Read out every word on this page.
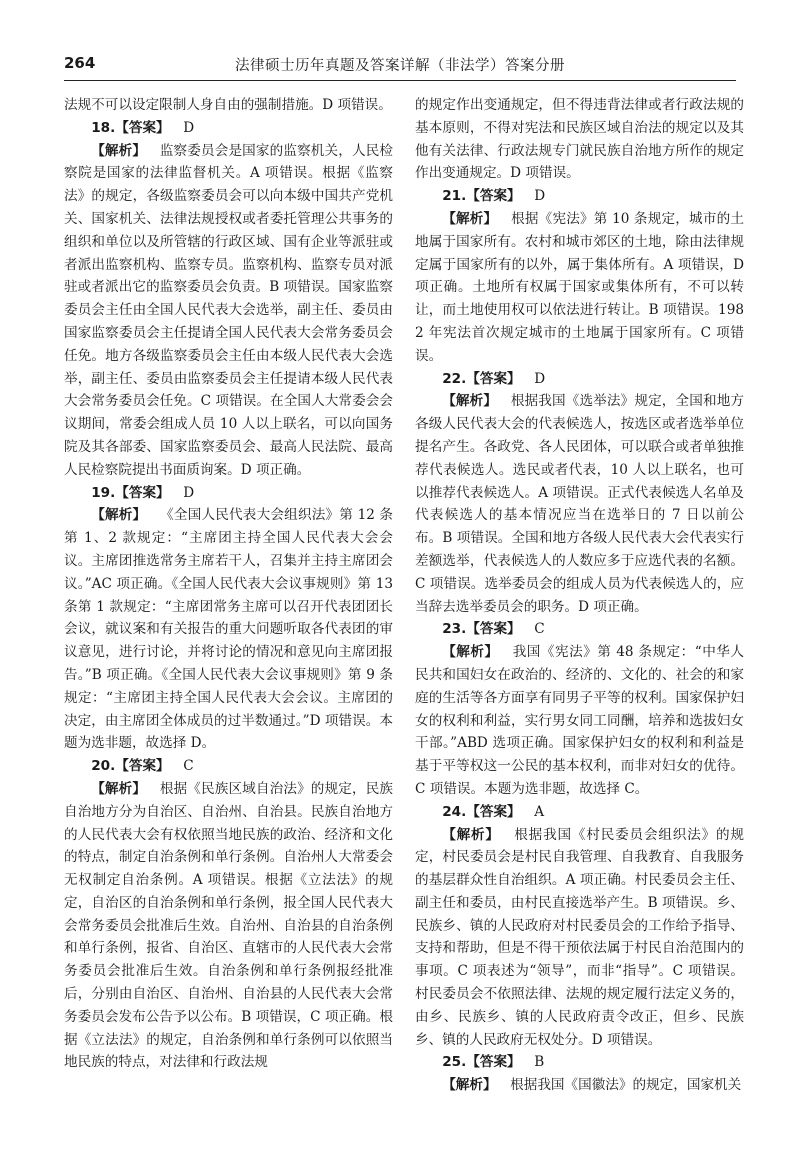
264	法律硕士历年真题及答案详解（非法学）答案分册

法规不可以设定限制人身自由的强制措施。D 项错误。

18.【答案】  D

【解析】  监察委员会是国家的监察机关，人民检察院是国家的法律监督机关。A 项错误。根据《监察法》的规定，各级监察委员会可以向本级中国共产党机关、国家机关、法律法规授权或者委托管理公共事务的组织和单位以及所管辖的行政区域、国有企业等派驻或者派出监察机构、监察专员。监察机构、监察专员对派驻或者派出它的监察委员会负责。B 项错误。国家监察委员会主任由全国人民代表大会选举，副主任、委员由国家监察委员会主任提请全国人民代表大会常务委员会任免。地方各级监察委员会主任由本级人民代表大会选举，副主任、委员由监察委员会主任提请本级人民代表大会常务委员会任免。C 项错误。在全国人大常委会会议期间，常委会组成人员 10 人以上联名，可以向国务院及其各部委、国家监察委员会、最高人民法院、最高人民检察院提出书面质询案。D 项正确。

19.【答案】  D

【解析】  《全国人民代表大会组织法》第 12 条第 1、2 款规定：“主席团主持全国人民代表大会会议。主席团推选常务主席若干人，召集并主持主席团会议。”AC 项正确。《全国人民代表大会议事规则》第 13 条第 1 款规定：“主席团常务主席可以召开代表团团长会议，就议案和有关报告的重大问题听取各代表团的审议意见，进行讨论，并将讨论的情况和意见向主席团报告。”B 项正确。《全国人民代表大会议事规则》第 9 条规定：“主席团主持全国人民代表大会会议。主席团的决定，由主席团全体成员的过半数通过。”D 项错误。本题为选非题，故选择 D。

20.【答案】  C

【解析】  根据《民族区域自治法》的规定，民族自治地方分为自治区、自治州、自治县。民族自治地方的人民代表大会有权依照当地民族的政治、经济和文化的特点，制定自治条例和单行条例。自治州人大常委会无权制定自治条例。A 项错误。根据《立法法》的规定，自治区的自治条例和单行条例，报全国人民代表大会常务委员会批准后生效。自治州、自治县的自治条例和单行条例，报省、自治区、直辖市的人民代表大会常务委员会批准后生效。自治条例和单行条例报经批准后，分别由自治区、自治州、自治县的人民代表大会常务委员会发布公告予以公布。B 项错误，C 项正确。根据《立法法》的规定，自治条例和单行条例可以依照当地民族的特点，对法律和行政法规

的规定作出变通规定，但不得违背法律或者行政法规的基本原则，不得对宪法和民族区域自治法的规定以及其他有关法律、行政法规专门就民族自治地方所作的规定作出变通规定。D 项错误。

21.【答案】  D

【解析】  根据《宪法》第 10 条规定，城市的土地属于国家所有。农村和城市郊区的土地，除由法律规定属于国家所有的以外，属于集体所有。A 项错误，D 项正确。土地所有权属于国家或集体所有，不可以转让，而土地使用权可以依法进行转让。B 项错误。1982 年宪法首次规定城市的土地属于国家所有。C 项错误。

22.【答案】  D

【解析】  根据我国《选举法》规定，全国和地方各级人民代表大会的代表候选人，按选区或者选举单位提名产生。各政党、各人民团体，可以联合或者单独推荐代表候选人。选民或者代表，10 人以上联名，也可以推荐代表候选人。A 项错误。正式代表候选人名单及代表候选人的基本情况应当在选举日的 7 日以前公布。B 项错误。全国和地方各级人民代表大会代表实行差额选举，代表候选人的人数应多于应选代表的名额。C 项错误。选举委员会的组成人员为代表候选人的，应当辞去选举委员会的职务。D 项正确。

23.【答案】  C

【解析】  我国《宪法》第 48 条规定：“中华人民共和国妇女在政治的、经济的、文化的、社会的和家庭的生活等各方面享有同男子平等的权利。国家保护妇女的权利和利益，实行男女同工同酬，培养和选拔妇女干部。”ABD 选项正确。国家保护妇女的权利和利益是基于平等权这一公民的基本权利，而非对妇女的优待。C 项错误。本题为选非题，故选择 C。

24.【答案】  A

【解析】  根据我国《村民委员会组织法》的规定，村民委员会是村民自我管理、自我教育、自我服务的基层群众性自治组织。A 项正确。村民委员会主任、副主任和委员，由村民直接选举产生。B 项错误。乡、民族乡、镇的人民政府对村民委员会的工作给予指导、支持和帮助，但是不得干预依法属于村民自治范围内的事项。C 项表述为“领导”，而非“指导”。C 项错误。村民委员会不依照法律、法规的规定履行法定义务的，由乡、民族乡、镇的人民政府责令改正，但乡、民族乡、镇的人民政府无权处分。D 项错误。

25.【答案】  B

【解析】  根据我国《国徽法》的规定，国家机关
